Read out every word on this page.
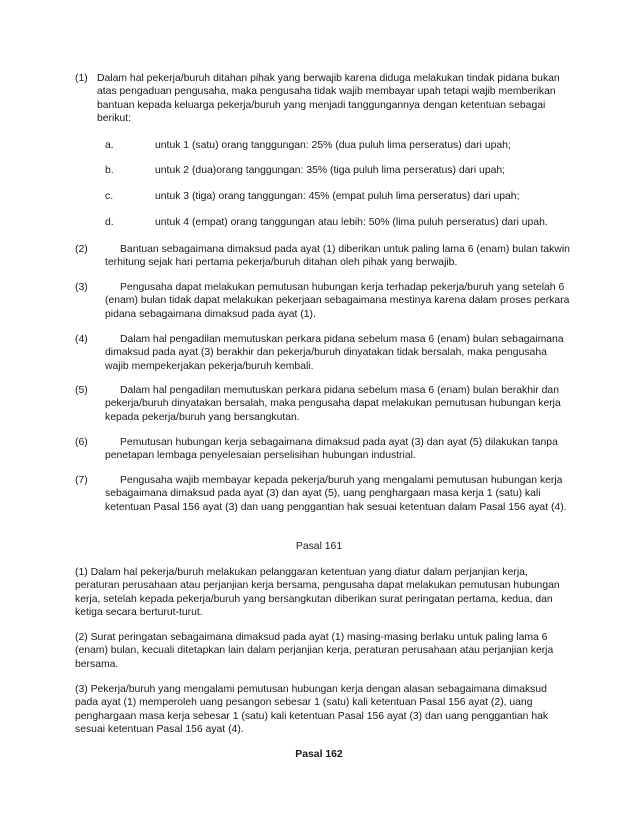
(1) Dalam hal pekerja/buruh ditahan pihak yang berwajib karena diduga melakukan tindak pidana bukan atas pengaduan pengusaha, maka pengusaha tidak wajib membayar upah tetapi wajib memberikan bantuan kepada keluarga pekerja/buruh yang menjadi tanggungannya dengan ketentuan sebagai berikut:
a.	untuk 1 (satu) orang tanggungan: 25% (dua puluh lima perseratus) dari upah;
b.	untuk 2 (dua)orang tanggungan: 35% (tiga puluh lima perseratus) dari upah;
c.	untuk 3 (tiga) orang tanggungan: 45% (empat puluh lima perseratus) dari upah;
d.	untuk 4 (empat) orang tanggungan atau lebih: 50% (lima puluh perseratus) dari upah.
(2)	Bantuan sebagaimana dimaksud pada ayat (1) diberikan untuk paling lama 6 (enam) bulan takwin terhitung sejak hari pertama pekerja/buruh ditahan oleh pihak yang berwajib.
(3)	Pengusaha dapat melakukan pemutusan hubungan kerja terhadap pekerja/buruh yang setelah 6 (enam) bulan tidak dapat melakukan pekerjaan sebagaimana mestinya karena dalam proses perkara pidana sebagaimana dimaksud pada ayat (1).
(4)	Dalam hal pengadilan memutuskan perkara pidana sebelum masa 6 (enam) bulan sebagaimana dimaksud pada ayat (3) berakhir dan pekerja/buruh dinyatakan tidak bersalah, maka pengusaha wajib mempekerjakan pekerja/buruh kembali.
(5)	Dalam hal pengadilan memutuskan perkara pidana sebelum masa 6 (enam) bulan berakhir dan pekerja/buruh dinyatakan bersalah, maka pengusaha dapat melakukan pemutusan hubungan kerja kepada pekerja/buruh yang bersangkutan.
(6)	Pemutusan hubungan kerja sebagaimana dimaksud pada ayat (3) dan ayat (5) dilakukan tanpa penetapan lembaga penyelesaian perselisihan hubungan industrial.
(7)	Pengusaha wajib membayar kepada pekerja/buruh yang mengalami pemutusan hubungan kerja sebagaimana dimaksud pada ayat (3) dan ayat (5), uang penghargaan masa kerja 1 (satu) kali ketentuan Pasal 156 ayat (3) dan uang penggantian hak sesuai ketentuan dalam Pasal 156 ayat (4).
Pasal 161
(1) Dalam hal pekerja/buruh melakukan pelanggaran ketentuan yang diatur dalam perjanjian kerja, peraturan perusahaan atau perjanjian kerja bersama, pengusaha dapat melakukan pemutusan hubungan kerja, setelah kepada pekerja/buruh yang bersangkutan diberikan surat peringatan pertama, kedua, dan ketiga secara berturut-turut.
(2) Surat peringatan sebagaimana dimaksud pada ayat (1) masing-masing berlaku untuk paling lama 6 (enam) bulan, kecuali ditetapkan lain dalam perjanjian kerja, peraturan perusahaan atau perjanjian kerja bersama.
(3) Pekerja/buruh yang mengalami pemutusan hubungan kerja dengan alasan sebagaimana dimaksud pada ayat (1) memperoleh uang pesangon sebesar 1 (satu) kali ketentuan Pasal 156 ayat (2), uang penghargaan masa kerja sebesar 1 (satu) kali ketentuan Pasal 156 ayat (3) dan uang penggantian hak sesuai ketentuan Pasal 156 ayat (4).
Pasal 162
